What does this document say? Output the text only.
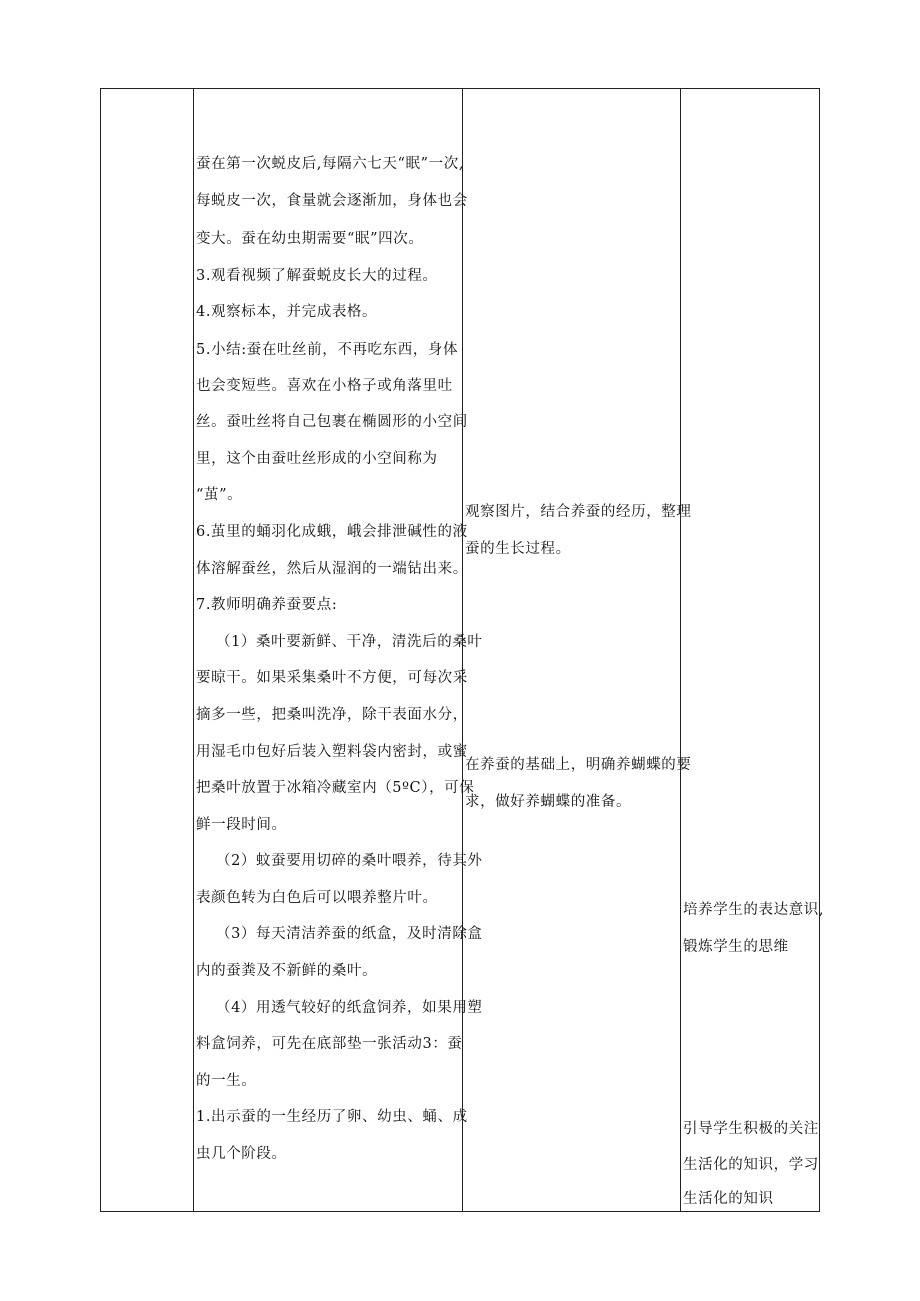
蚕在第一次蜕皮后,每隔六七天“眠”一次,
每蜕皮一次，食量就会逐渐加，身体也会
变大。蚕在幼虫期需要“眠”四次。
3.观看视频了解蚕蜕皮长大的过程。
4.观察标本，并完成表格。
5.小结:蚕在吐丝前，不再吃东西，身体
也会变短些。喜欢在小格子或角落里吐
丝。蚕吐丝将自己包裹在椭圆形的小空间
里，这个由蚕吐丝形成的小空间称为
“茧”。
6.茧里的蛹羽化成蛾，峨会排泄碱性的液
体溶解蚕丝，然后从湿润的一端钻出来。
7.教师明确养蚕要点:
（1）桑叶要新鲜、干净，清洗后的桑叶
要晾干。如果采集桑叶不方便，可每次采
摘多一些，把桑叫洗净，除干表面水分，
用湿毛巾包好后装入塑料袋内密封，或蜜
把桑叶放置于冰箱冷藏室内（5ºC），可保
鲜一段时间。
（2）蚊蚕要用切碎的桑叶喂养，待其外
表颜色转为白色后可以喂养整片叶。
（3）每天清洁养蚕的纸盒，及时清除盒
内的蚕粪及不新鲜的桑叶。
（4）用透气较好的纸盒饲养，如果用塑
料盒饲养，可先在底部垫一张活动3：蚕
的一生。
1.出示蚕的一生经历了卵、幼虫、蛹、成
虫几个阶段。
观察图片，结合养蚕的经历，整理
蚕的生长过程。
在养蚕的基础上，明确养蝴蝶的要
求，做好养蝴蝶的准备。
培养学生的表达意识,
锻炼学生的思维
引导学生积极的关注
生活化的知识，学习
生活化的知识
